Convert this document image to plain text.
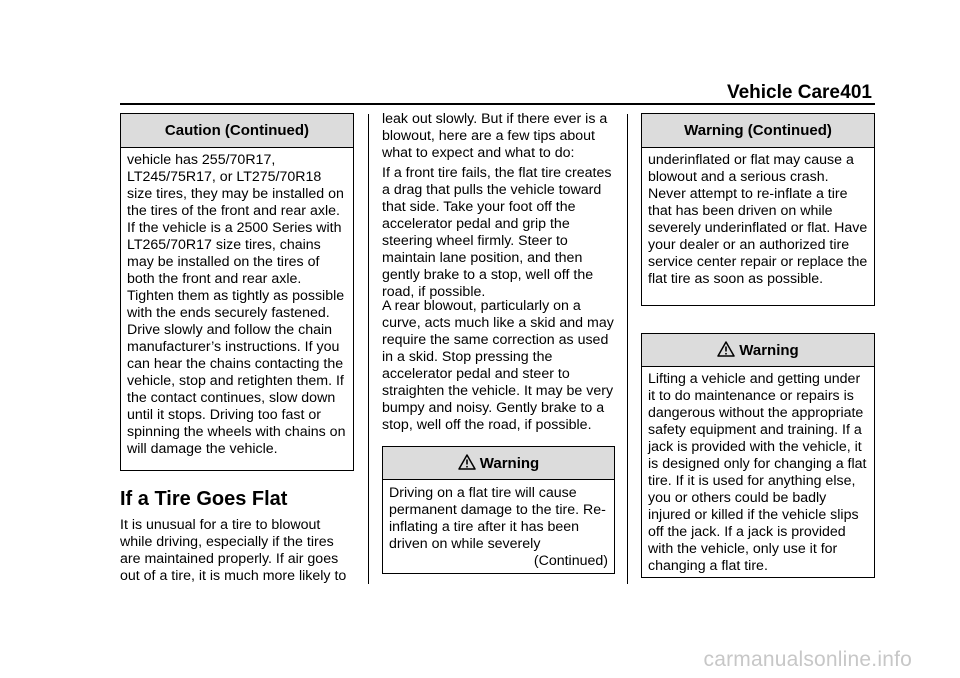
Vehicle Care 401
Caution (Continued)
vehicle has 255/70R17, LT245/75R17, or LT275/70R18 size tires, they may be installed on the tires of the front and rear axle. If the vehicle is a 2500 Series with LT265/70R17 size tires, chains may be installed on the tires of both the front and rear axle. Tighten them as tightly as possible with the ends securely fastened. Drive slowly and follow the chain manufacturer’s instructions. If you can hear the chains contacting the vehicle, stop and retighten them. If the contact continues, slow down until it stops. Driving too fast or spinning the wheels with chains on will damage the vehicle.
If a Tire Goes Flat

It is unusual for a tire to blowout while driving, especially if the tires are maintained properly. If air goes out of a tire, it is much more likely to

leak out slowly. But if there ever is a blowout, here are a few tips about what to expect and what to do:

If a front tire fails, the flat tire creates a drag that pulls the vehicle toward that side. Take your foot off the accelerator pedal and grip the steering wheel firmly. Steer to maintain lane position, and then gently brake to a stop, well off the road, if possible.

A rear blowout, particularly on a curve, acts much like a skid and may require the same correction as used in a skid. Stop pressing the accelerator pedal and steer to straighten the vehicle. It may be very bumpy and noisy. Gently brake to a stop, well off the road, if possible.

Warning
Driving on a flat tire will cause permanent damage to the tire. Re-inflating a tire after it has been driven on while severely
(Continued)
Warning (Continued)
underinflated or flat may cause a blowout and a serious crash. Never attempt to re-inflate a tire that has been driven on while severely underinflated or flat. Have your dealer or an authorized tire service center repair or replace the flat tire as soon as possible.
Warning
Lifting a vehicle and getting under it to do maintenance or repairs is dangerous without the appropriate safety equipment and training. If a jack is provided with the vehicle, it is designed only for changing a flat tire. If it is used for anything else, you or others could be badly injured or killed if the vehicle slips off the jack. If a jack is provided with the vehicle, only use it for changing a flat tire.
carmanualsonline.info
